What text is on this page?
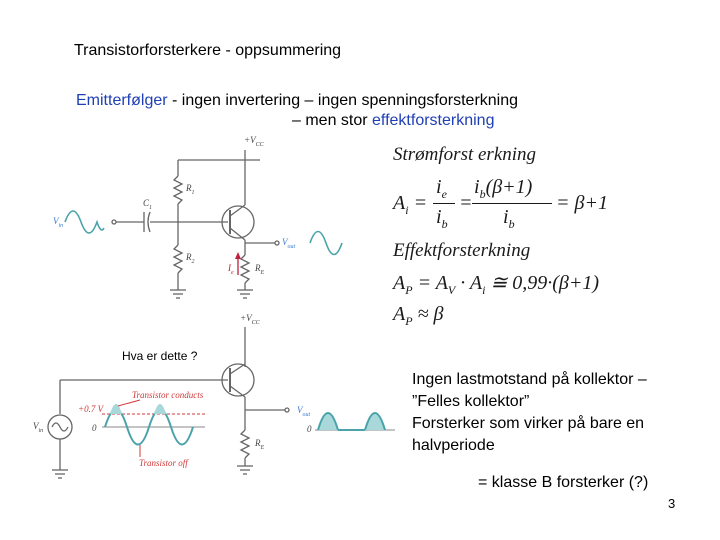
Transistorforsterkere - oppsummering
Emitterfølger - ingen invertering – ingen spenningsforsterkning
– men stor effektforsterkning
Strømforst erkning
$A_i$ =
$i_e$
$i_b$
=
$i_b(\beta+1)$
$i_b$
= β+1
Effektforsterkning
$A_P = A_V \cdot A_i$ ≅ 0,99·(β+1)
$A_P \approx \beta$
$+V_{CC}$
$R_1$
$R_2$
$C_1$
$R_E$
$I_e$
$V_{in}$
$V_{out}$
Hva er dette ?
$+V_{CC}$
$R_E$
$V_{in}$
$V_{out}$
+0.7 V
0	0
Transistor conducts
Transistor off
Ingen lastmotstand på kollektor –
”Felles kollektor”
Forsterker som virker på bare en
halvperiode
= klasse B forsterker (?)
3
